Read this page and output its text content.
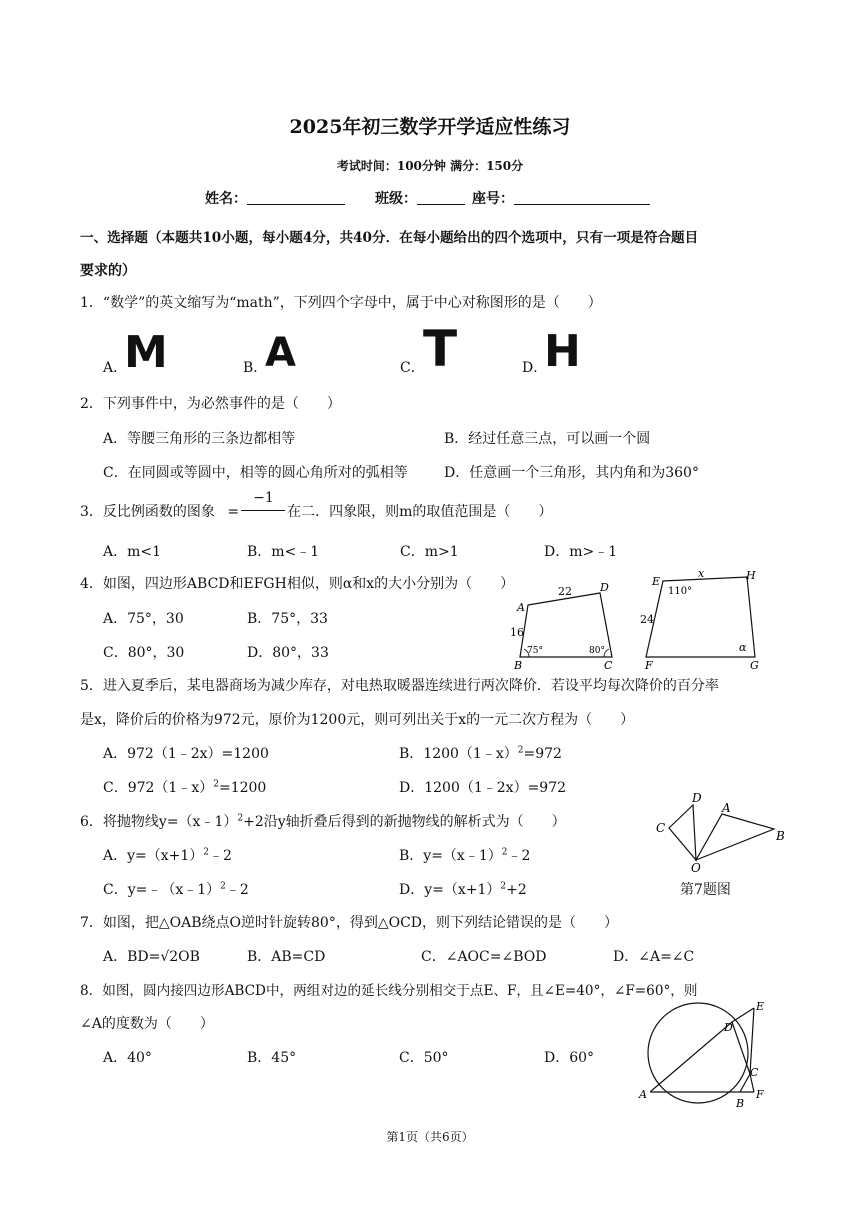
2025年初三数学开学适应性练习
考试时间：100分钟 满分：150分
姓名：	班级：	座号：
一、选择题（本题共10小题，每小题4分，共40分．在每小题给出的四个选项中，只有一项是符合题目
要求的）
1．“数学”的英文缩写为“math”，下列四个字母中，属于中心对称图形的是（　　）
A．
M	B．
A	C．
T	D．
H
2．下列事件中，为必然事件的是（　　）
A．等腰三角形的三条边都相等	B．经过任意三点，可以画一个圆
C．在同圆或等圆中，相等的圆心角所对的弧相等	D．任意画一个三角形，其内角和为360°
3．反比例函数的图象 =
−1
在二．四象限，则m的取值范围是（　　）
A．m<1	B．m<﹣1	C．m>1	D．m>﹣1
4．如图，四边形ABCD和EFGH相似，则α和x的大小分别为（　　）
A．75°，30	B．75°，33
C．80°，30	D．80°，33
A
B	C
D
22
16
75°	80°
E
F	G
H
x
24
110°
α
5．进入夏季后，某电器商场为减少库存，对电热取暖器连续进行两次降价．若设平均每次降价的百分率
是x，降价后的价格为972元，原价为1200元，则可列出关于x的一元二次方程为（　　）
A．972（1﹣2x）=1200	B．1200（1﹣x）$^2$=972
C．972（1﹣x）$^2$=1200	D．1200（1﹣2x）=972
D
C
A
B
O
第7题图
6．将抛物线y=（x﹣1）$^2$+2沿y轴折叠后得到的新抛物线的解析式为（　　）
A．$y=(x+1)^2﹣2$	B．y=（x﹣1）$^2$﹣2
C．y=﹣（x﹣1）$^2$﹣2	D．$y=(x+1)^2+2$
7．如图，把△OAB绕点O逆时针旋转80°，得到△OCD，则下列结论错误的是（　　）
A．BD=√2OB	B．AB=CD	C．∠AOC=∠BOD	D．∠A=∠C
8．如图，圆内接四边形ABCD中，两组对边的延长线分别相交于点E、F，且∠E=40°，∠F=60°，则
∠A的度数为（　　）
A．40°	B．45°	C．50°	D．60°
A
B
C
D
E
F
第1页（共6页）
